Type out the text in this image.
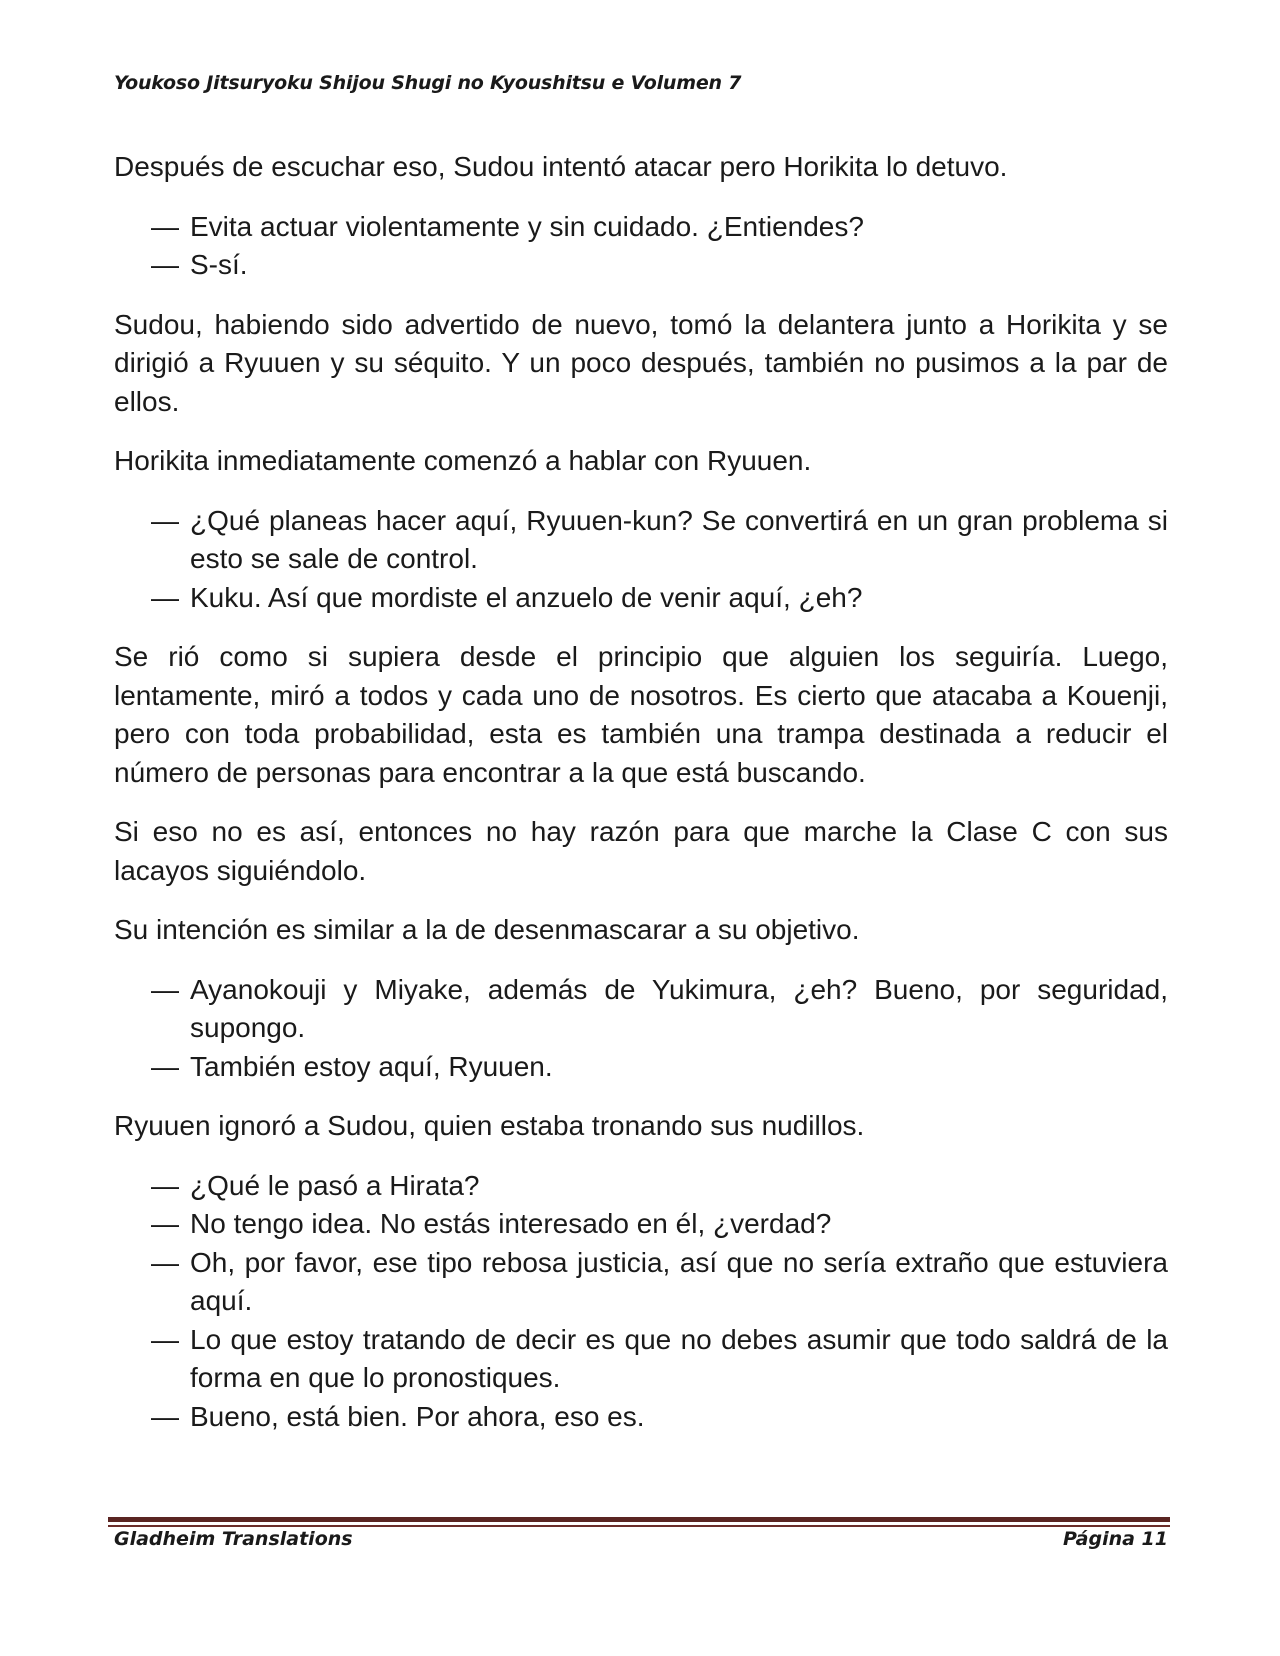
Youkoso Jitsuryoku Shijou Shugi no Kyoushitsu e Volumen 7

Después de escuchar eso, Sudou intentó atacar pero Horikita lo detuvo.

— Evita actuar violentamente y sin cuidado. ¿Entiendes?
— S-sí.

Sudou, habiendo sido advertido de nuevo, tomó la delantera junto a Horikita y se dirigió a Ryuuen y su séquito. Y un poco después, también no pusimos a la par de ellos.

Horikita inmediatamente comenzó a hablar con Ryuuen.

— ¿Qué planeas hacer aquí, Ryuuen-kun? Se convertirá en un gran problema si esto se sale de control.
— Kuku. Así que mordiste el anzuelo de venir aquí, ¿eh?

Se rió como si supiera desde el principio que alguien los seguiría. Luego, lentamente, miró a todos y cada uno de nosotros. Es cierto que atacaba a Kouenji, pero con toda probabilidad, esta es también una trampa destinada a reducir el número de personas para encontrar a la que está buscando.

Si eso no es así, entonces no hay razón para que marche la Clase C con sus lacayos siguiéndolo.

Su intención es similar a la de desenmascarar a su objetivo.

— Ayanokouji y Miyake, además de Yukimura, ¿eh? Bueno, por seguridad, supongo.
— También estoy aquí, Ryuuen.

Ryuuen ignoró a Sudou, quien estaba tronando sus nudillos.

— ¿Qué le pasó a Hirata?
— No tengo idea. No estás interesado en él, ¿verdad?
— Oh, por favor, ese tipo rebosa justicia, así que no sería extraño que estuviera aquí.
— Lo que estoy tratando de decir es que no debes asumir que todo saldrá de la forma en que lo pronostiques.
— Bueno, está bien. Por ahora, eso es.
Gladheim Translations	Página 11
